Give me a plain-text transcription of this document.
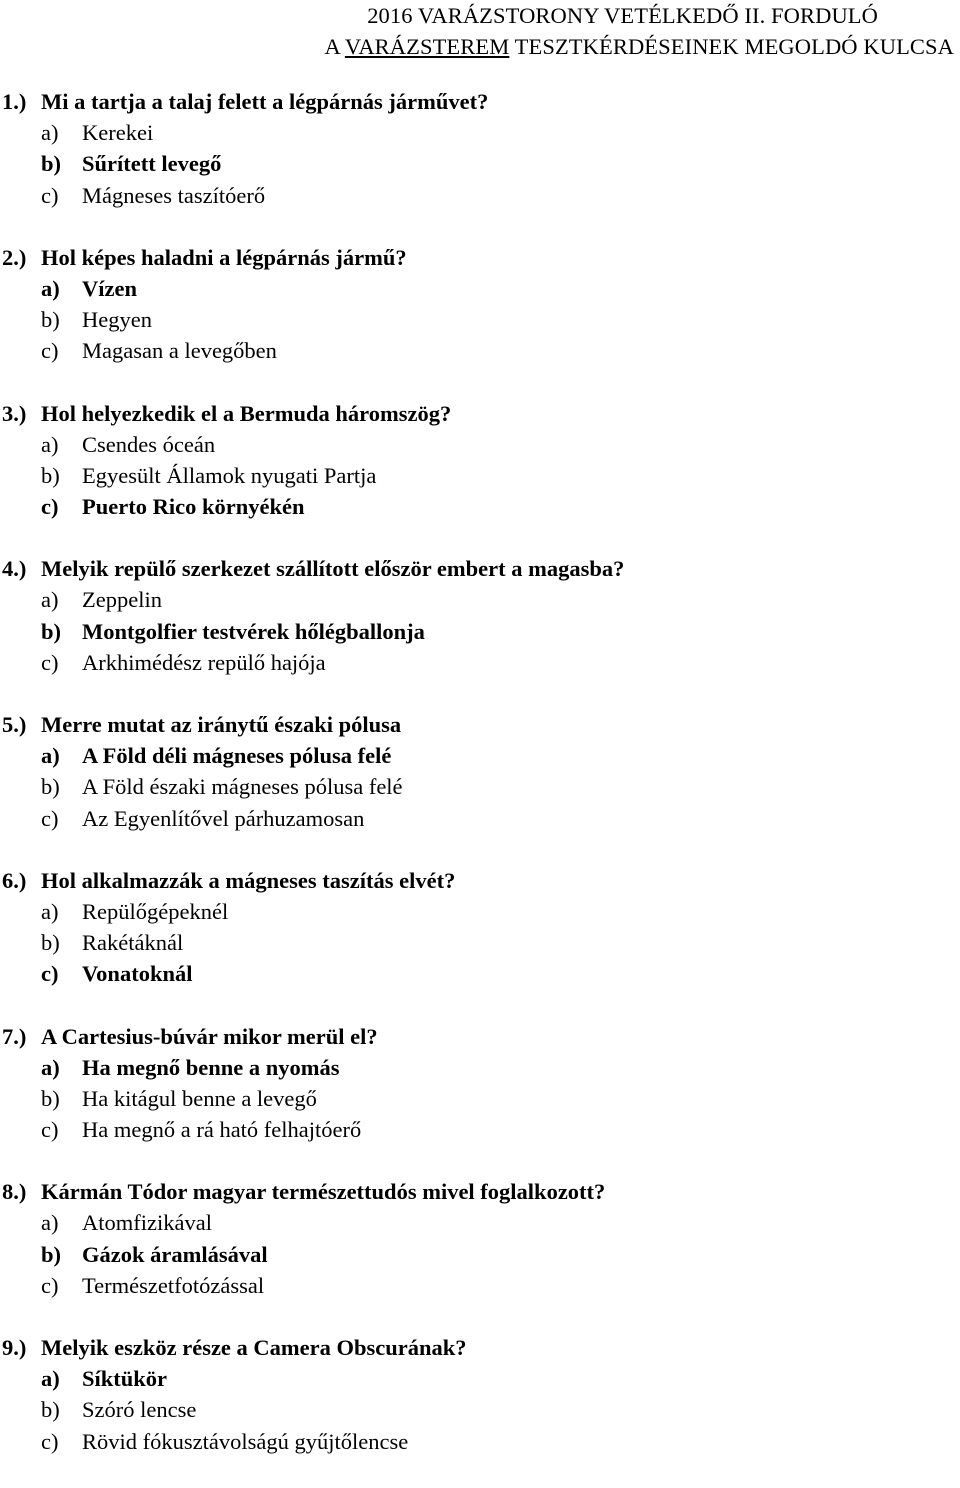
2016 VARÁZSTORONY VETÉLKEDŐ II. FORDULÓ
A VARÁZSTEREM TESZTKÉRDÉSEINEK MEGOLDÓ KULCSA
1.) Mi a tartja a talaj felett a légpárnás járművet?
a) Kerekei
b) Sűrített levegő
c) Mágneses taszítóerő
2.) Hol képes haladni a légpárnás jármű?
a) Vízen
b) Hegyen
c) Magasan a levegőben
3.) Hol helyezkedik el a Bermuda háromszög?
a) Csendes óceán
b) Egyesült Államok nyugati Partja
c) Puerto Rico környékén
4.) Melyik repülő szerkezet szállított először embert a magasba?
a) Zeppelin
b) Montgolfier testvérek hőlégballonja
c) Arkhimédész repülő hajója
5.) Merre mutat az iránytű északi pólusa
a) A Föld déli mágneses pólusa felé
b) A Föld északi mágneses pólusa felé
c) Az Egyenlítővel párhuzamosan
6.) Hol alkalmazzák a mágneses taszítás elvét?
a) Repülőgépeknél
b) Rakétáknál
c) Vonatoknál
7.) A Cartesius-búvár mikor merül el?
a) Ha megnő benne a nyomás
b) Ha kitágul benne a levegő
c) Ha megnő a rá ható felhajtóerő
8.) Kármán Tódor magyar természettudós mivel foglalkozott?
a) Atomfizikával
b) Gázok áramlásával
c) Természetfotózással
9.) Melyik eszköz része a Camera Obscurának?
a) Síktükör
b) Szóró lencse
c) Rövid fókusztávolságú gyűjtőlencse
